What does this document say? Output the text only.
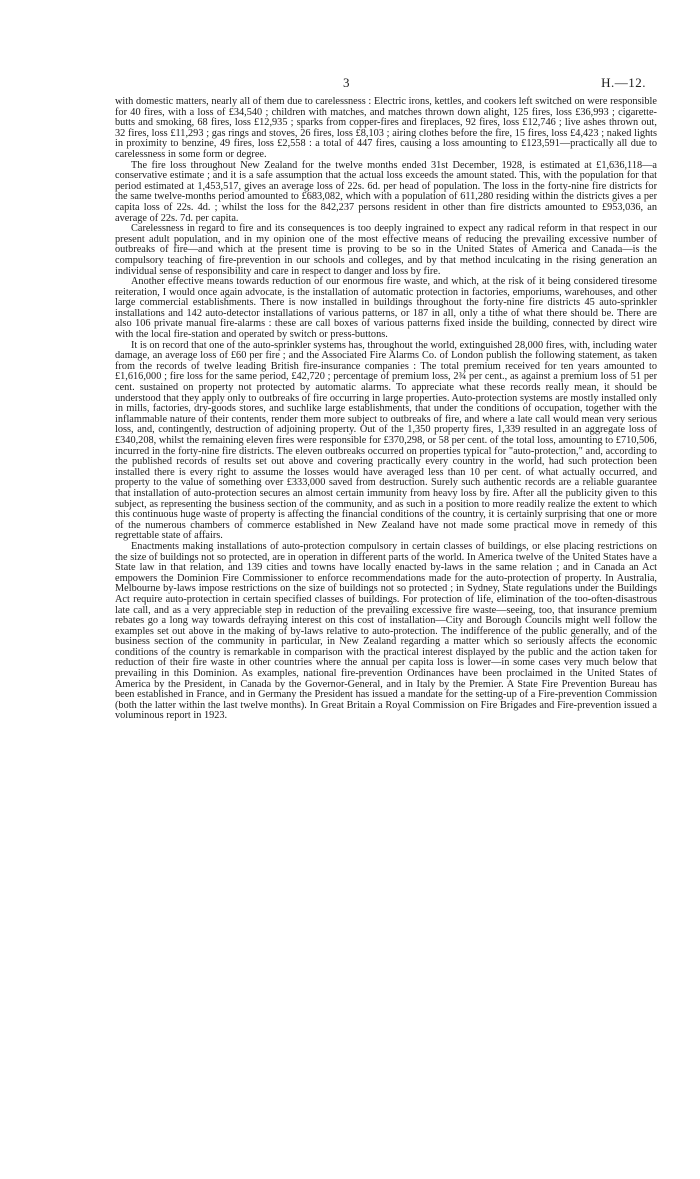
3	H.—12.

with domestic matters, nearly all of them due to carelessness : Electric irons, kettles, and cookers left switched on were responsible for 40 fires, with a loss of £34,540 ; children with matches, and matches thrown down alight, 125 fires, loss £36,993 ; cigarette-butts and smoking, 68 fires, loss £12,935 ; sparks from copper-fires and fireplaces, 92 fires, loss £12,746 ; live ashes thrown out, 32 fires, loss £11,293 ; gas rings and stoves, 26 fires, loss £8,103 ; airing clothes before the fire, 15 fires, loss £4,423 ; naked lights in proximity to benzine, 49 fires, loss £2,558 : a total of 447 fires, causing a loss amounting to £123,591—practically all due to carelessness in some form or degree.

The fire loss throughout New Zealand for the twelve months ended 31st December, 1928, is estimated at £1,636,118—a conservative estimate ; and it is a safe assumption that the actual loss exceeds the amount stated. This, with the population for that period estimated at 1,453,517, gives an average loss of 22s. 6d. per head of population. The loss in the forty-nine fire districts for the same twelve-months period amounted to £683,082, which with a population of 611,280 residing within the districts gives a per capita loss of 22s. 4d. ; whilst the loss for the 842,237 persons resident in other than fire districts amounted to £953,036, an average of 22s. 7d. per capita.

Carelessness in regard to fire and its consequences is too deeply ingrained to expect any radical reform in that respect in our present adult population, and in my opinion one of the most effective means of reducing the prevailing excessive number of outbreaks of fire—and which at the present time is proving to be so in the United States of America and Canada—is the compulsory teaching of fire-prevention in our schools and colleges, and by that method inculcating in the rising generation an individual sense of responsibility and care in respect to danger and loss by fire.

Another effective means towards reduction of our enormous fire waste, and which, at the risk of it being considered tiresome reiteration, I would once again advocate, is the installation of automatic protection in factories, emporiums, warehouses, and other large commercial establishments. There is now installed in buildings throughout the forty-nine fire districts 45 auto-sprinkler installations and 142 auto-detector installations of various patterns, or 187 in all, only a tithe of what there should be. There are also 106 private manual fire-alarms : these are call boxes of various patterns fixed inside the building, connected by direct wire with the local fire-station and operated by switch or press-buttons.

It is on record that one of the auto-sprinkler systems has, throughout the world, extinguished 28,000 fires, with, including water damage, an average loss of £60 per fire ; and the Associated Fire Alarms Co. of London publish the following statement, as taken from the records of twelve leading British fire-insurance companies : The total premium received for ten years amounted to £1,616,000 ; fire loss for the same period, £42,720 ; percentage of premium loss, 2¾ per cent., as against a premium loss of 51 per cent. sustained on property not protected by automatic alarms. To appreciate what these records really mean, it should be understood that they apply only to outbreaks of fire occurring in large properties. Auto-protection systems are mostly installed only in mills, factories, dry-goods stores, and suchlike large establishments, that under the conditions of occupation, together with the inflammable nature of their contents, render them more subject to outbreaks of fire, and where a late call would mean very serious loss, and, contingently, destruction of adjoining property. Out of the 1,350 property fires, 1,339 resulted in an aggregate loss of £340,208, whilst the remaining eleven fires were responsible for £370,298, or 58 per cent. of the total loss, amounting to £710,506, incurred in the forty-nine fire districts. The eleven outbreaks occurred on properties typical for "auto-protection," and, according to the published records of results set out above and covering practically every country in the world, had such protection been installed there is every right to assume the losses would have averaged less than 10 per cent. of what actually occurred, and property to the value of something over £333,000 saved from destruction. Surely such authentic records are a reliable guarantee that installation of auto-protection secures an almost certain immunity from heavy loss by fire. After all the publicity given to this subject, as representing the business section of the community, and as such in a position to more readily realize the extent to which this continuous huge waste of property is affecting the financial conditions of the country, it is certainly surprising that one or more of the numerous chambers of commerce established in New Zealand have not made some practical move in remedy of this regrettable state of affairs.

Enactments making installations of auto-protection compulsory in certain classes of buildings, or else placing restrictions on the size of buildings not so protected, are in operation in different parts of the world. In America twelve of the United States have a State law in that relation, and 139 cities and towns have locally enacted by-laws in the same relation ; and in Canada an Act empowers the Dominion Fire Commissioner to enforce recommendations made for the auto-protection of property. In Australia, Melbourne by-laws impose restrictions on the size of buildings not so protected ; in Sydney, State regulations under the Buildings Act require auto-protection in certain specified classes of buildings. For protection of life, elimination of the too-often-disastrous late call, and as a very appreciable step in reduction of the prevailing excessive fire waste—seeing, too, that insurance premium rebates go a long way towards defraying interest on this cost of installation—City and Borough Councils might well follow the examples set out above in the making of by-laws relative to auto-protection. The indifference of the public generally, and of the business section of the community in particular, in New Zealand regarding a matter which so seriously affects the economic conditions of the country is remarkable in comparison with the practical interest displayed by the public and the action taken for reduction of their fire waste in other countries where the annual per capita loss is lower—in some cases very much below that prevailing in this Dominion. As examples, national fire-prevention Ordinances have been proclaimed in the United States of America by the President, in Canada by the Governor-General, and in Italy by the Premier. A State Fire Prevention Bureau has been established in France, and in Germany the President has issued a mandate for the setting-up of a Fire-prevention Commission (both the latter within the last twelve months). In Great Britain a Royal Commission on Fire Brigades and Fire-prevention issued a voluminous report in 1923.
